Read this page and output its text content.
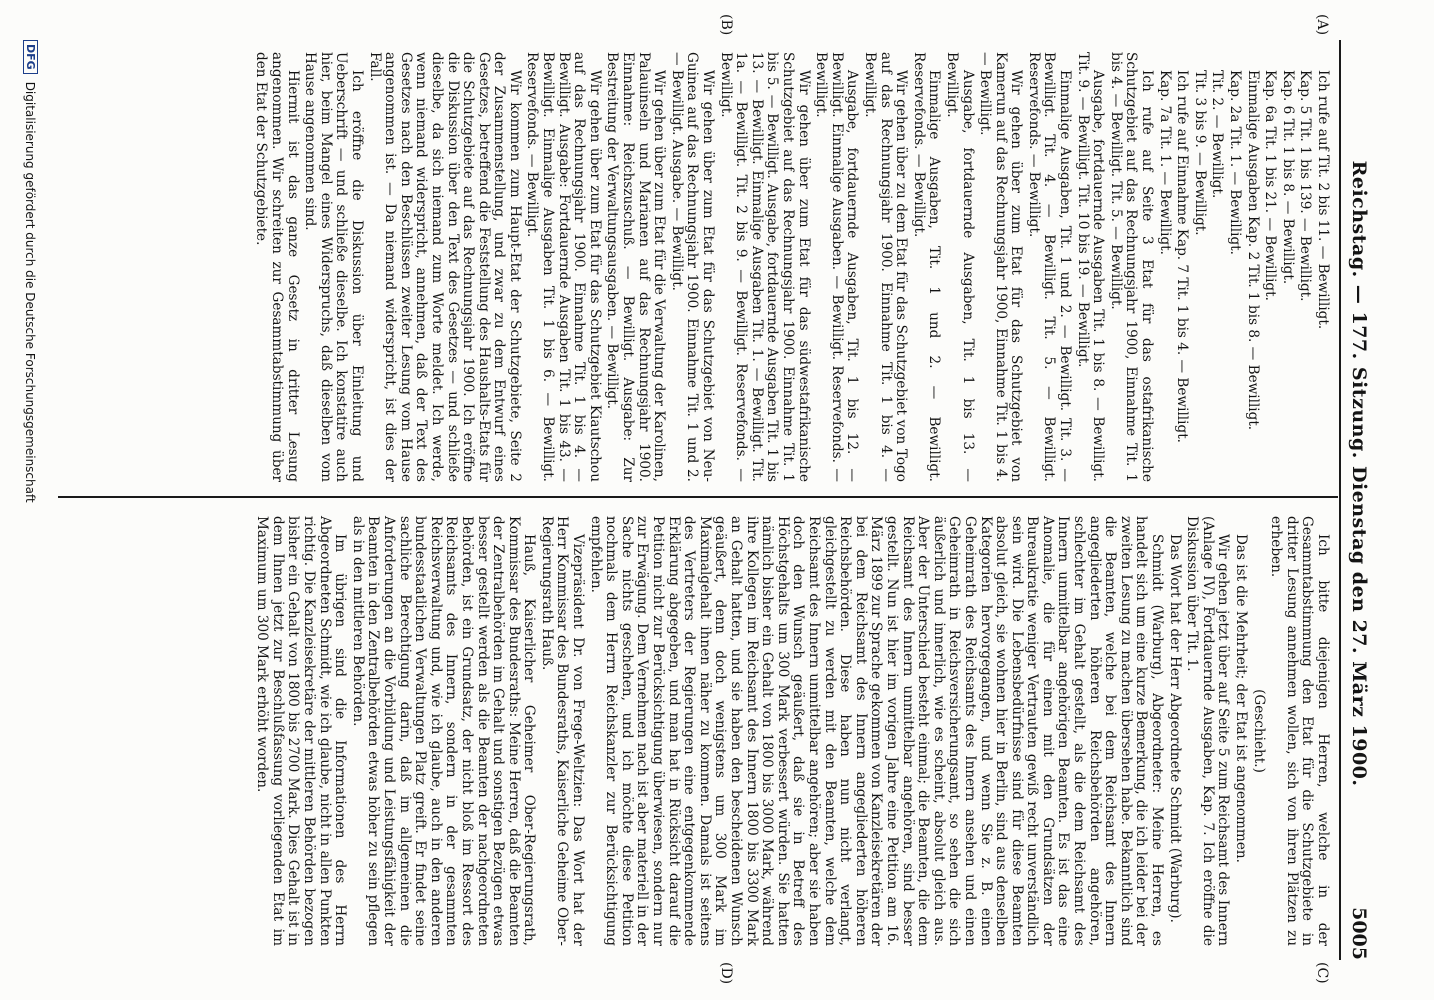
Reichstag. — 177. Sitzung. Dienstag den 27. März 1900.
5005
(A)
(B)
(C)
(D)

Ich rufe auf Tit. 2 bis 11. — Bewilligt.

Kap. 5 Tit. 1 bis 139. — Bewilligt.

Kap. 6 Tit. 1 bis 8. — Bewilligt.

Kap. 6a Tit. 1 bis 21. — Bewilligt.

Einmalige Ausgaben Kap. 2 Tit. 1 bis 8. — Bewilligt.

Kap. 2a Tit. 1. — Bewilligt.

Tit. 2. — Bewilligt.

Tit. 3 bis 9. — Bewilligt.

Ich rufe auf Einnahme Kap. 7 Tit. 1 bis 4. — Bewilligt.

Kap. 7a Tit. 1. — Bewilligt.

Ich rufe auf Seite 3 Etat für das ostafrikanische Schutzgebiet auf das Rechnungsjahr 1900, Einnahme Tit. 1 bis 4. — Bewilligt. Tit. 5. — Bewilligt.

Ausgabe, fortdauernde Ausgaben Tit. 1 bis 8. — Bewilligt. Tit. 9. — Bewilligt. Tit. 10 bis 19. — Bewilligt.

Einmalige Ausgaben, Tit. 1 und 2. — Bewilligt. Tit. 3. — Bewilligt. Tit. 4. — Bewilligt. Tit. 5. — Bewilligt. Reservefonds. — Bewilligt.

Wir gehen über zum Etat für das Schutzgebiet von Kamerun auf das Rechnungsjahr 1900, Einnahme Tit. 1 bis 4. — Bewilligt.

Ausgabe, fortdauernde Ausgaben, Tit. 1 bis 13. — Bewilligt.

Einmalige Ausgaben, Tit. 1 und 2. — Bewilligt. Reservefonds. — Bewilligt.

Wir gehen über zu dem Etat für das Schutzgebiet von Togo auf das Rechnungsjahr 1900. Einnahme Tit. 1 bis 4. — Bewilligt.

Ausgabe, fortdauernde Ausgaben, Tit. 1 bis 12. — Bewilligt. Einmalige Ausgaben. — Bewilligt. Reservefonds. — Bewilligt.

Wir gehen über zum Etat für das südwestafrikanische Schutzgebiet auf das Rechnungsjahr 1900. Einnahme Tit. 1 bis 5. — Bewilligt. Ausgabe, fortdauernde Ausgaben Tit. 1 bis 13. — Bewilligt. Einmalige Ausgaben Tit. 1. — Bewilligt. Tit. 1a. — Bewilligt. Tit. 2 bis 9. — Bewilligt. Reservefonds. — Bewilligt.

Wir gehen über zum Etat für das Schutzgebiet von Neu-Guinea auf das Rechnungsjahr 1900. Einnahme Tit. 1 und 2. — Bewilligt. Ausgabe. — Bewilligt.

Wir gehen über zum Etat für die Verwaltung der Karolinen, Palauinseln und Marianen auf das Rechnungsjahr 1900. Einnahme: Reichszuschuß. — Bewilligt. Ausgabe: Zur Bestreitung der Verwaltungsausgaben. — Bewilligt.

Wir gehen über zum Etat für das Schutzgebiet Kiautschou auf das Rechnungsjahr 1900. Einnahme Tit. 1 bis 4. — Bewilligt. Ausgabe: Fortdauernde Ausgaben Tit. 1 bis 43. — Bewilligt. Einmalige Ausgaben Tit. 1 bis 6. — Bewilligt. Reservefonds. — Bewilligt.

Wir kommen zum Haupt-Etat der Schutzgebiete, Seite 2 der Zusammenstellung, und zwar zu dem Entwurf eines Gesetzes, betreffend die Feststellung des Haushalts-Etats für die Schutzgebiete auf das Rechnungsjahr 1900. Ich eröffne die Diskussion über den Text des Gesetzes — und schließe dieselbe, da sich niemand zum Worte meldet. Ich werde, wenn niemand widerspricht, annehmen, daß der Text des Gesetzes nach den Beschlüssen zweiter Lesung vom Hause angenommen ist. — Da niemand widerspricht, ist dies der Fall.

Ich eröffne die Diskussion über Einleitung und Ueberschrift — und schließe dieselbe. Ich konstatire auch hier, beim Mangel eines Widerspruchs, daß dieselben vom Hause angenommen sind.

Hiermit ist das ganze Gesetz in dritter Lesung angenommen. Wir schreiten zur Gesammtabstimmung über den Etat der Schutzgebiete.

Ich bitte diejenigen Herren, welche in der Gesammtabstimmung den Etat für die Schutzgebiete in dritter Lesung annehmen wollen, sich von ihren Plätzen zu erheben.

(Geschieht.)

Das ist die Mehrheit; der Etat ist angenommen.

Wir gehen jetzt über auf Seite 5 zum Reichsamt des Innern (Anlage IV), Fortdauernde Ausgaben, Kap. 7. Ich eröffne die Diskussion über Tit. 1.

Das Wort hat der Herr Abgeordnete Schmidt (Warburg).

Schmidt (Warburg), Abgeordneter: Meine Herren, es handelt sich um eine kurze Bemerkung, die ich leider bei der zweiten Lesung zu machen übersehen habe. Bekanntlich sind die Beamten, welche bei dem Reichsamt des Innern angegliederten höheren Reichsbehörden angehören, schlechter im Gehalt gestellt, als die dem Reichsamt des Innern unmittelbar angehörigen Beamten. Es ist das eine Anomalie, die für einen mit den Grundsätzen der Bureaukratie weniger Vertrauten gewiß recht unverständlich sein wird. Die Lebensbedürfnisse sind für diese Beamten absolut gleich, sie wohnen hier in Berlin, sind aus denselben Kategorien hervorgegangen, und wenn Sie z. B. einen Geheimrath des Reichsamts des Innern ansehen und einen Geheimrath in Reichsversicherungsamt, so sehen die sich äußerlich und innerlich, wie es scheint, absolut gleich aus. Aber der Unterschied besteht einmal; die Beamten, die dem Reichsamt des Innern unmittelbar angehören, sind besser gestellt. Nun ist hier im vorigen Jahre eine Petition am 16. März 1899 zur Sprache gekommen von Kanzleisekretären der bei dem Reichsamt des Innern angegliederten höheren Reichsbehörden. Diese haben nun nicht verlangt, gleichgestellt zu werden mit den Beamten, welche dem Reichsamt des Innern unmittelbar angehören; aber sie haben doch den Wunsch geäußert, daß sie in Betreff des Höchstgehalts um 300 Mark verbessert würden. Sie hatten nämlich bisher ein Gehalt von 1800 bis 3000 Mark, während ihre Kollegen im Reichsamt des Innern 1800 bis 3300 Mark an Gehalt hatten, und sie haben den bescheidenen Wunsch geäußert, denn doch wenigstens um 300 Mark im Maximalgehalt ihnen näher zu kommen. Damals ist seitens des Vertreters der Regierungen eine entgegenkommende Erklärung abgegeben, und man hat in Rücksicht darauf die Petition nicht zur Berücksichtigung überwiesen, sondern nur zur Erwägung. Dem Vernehmen nach ist aber materiell in der Sache nichts geschehen, und ich möchte diese Petition nochmals dem Herrn Reichskanzler zur Berücksichtigung empfehlen.

Vizepräsident Dr. von Frege-Weltzien: Das Wort hat der Herr Kommissar des Bundesraths, Kaiserliche Geheime Ober-Regierungsrath Hauß.

Hauß, Kaiserlicher Geheimer Ober-Regierungsrath, Kommissar des Bundesraths: Meine Herren, daß die Beamten der Zentralbehörden im Gehalt und sonstigen Bezügen etwas besser gestellt werden als die Beamten der nachgeordneten Behörden, ist ein Grundsatz, der nicht bloß im Ressort des Reichsamts des Innern, sondern in der gesammten Reichsverwaltung und, wie ich glaube, auch in den anderen bundesstaatlichen Verwaltungen Platz greift. Er findet seine sachliche Berechtigung darin, daß im allgemeinen die Anforderungen an die Vorbildung und Leistungsfähigkeit der Beamten in den Zentralbehörden etwas höher zu sein pflegen als in den mittleren Behörden.

Im übrigen sind die Informationen des Herrn Abgeordneten Schmidt, wie ich glaube, nicht in allen Punkten richtig. Die Kanzleisekretäre der mittleren Behörden bezogen bisher ein Gehalt von 1800 bis 2700 Mark. Dies Gehalt ist in dem Ihnen jetzt zur Beschlußfassung vorliegenden Etat im Maximum um 300 Mark erhöht worden.

DFG
Digitalisierung gefördert durch die Deutsche Forschungsgemeinschaft
